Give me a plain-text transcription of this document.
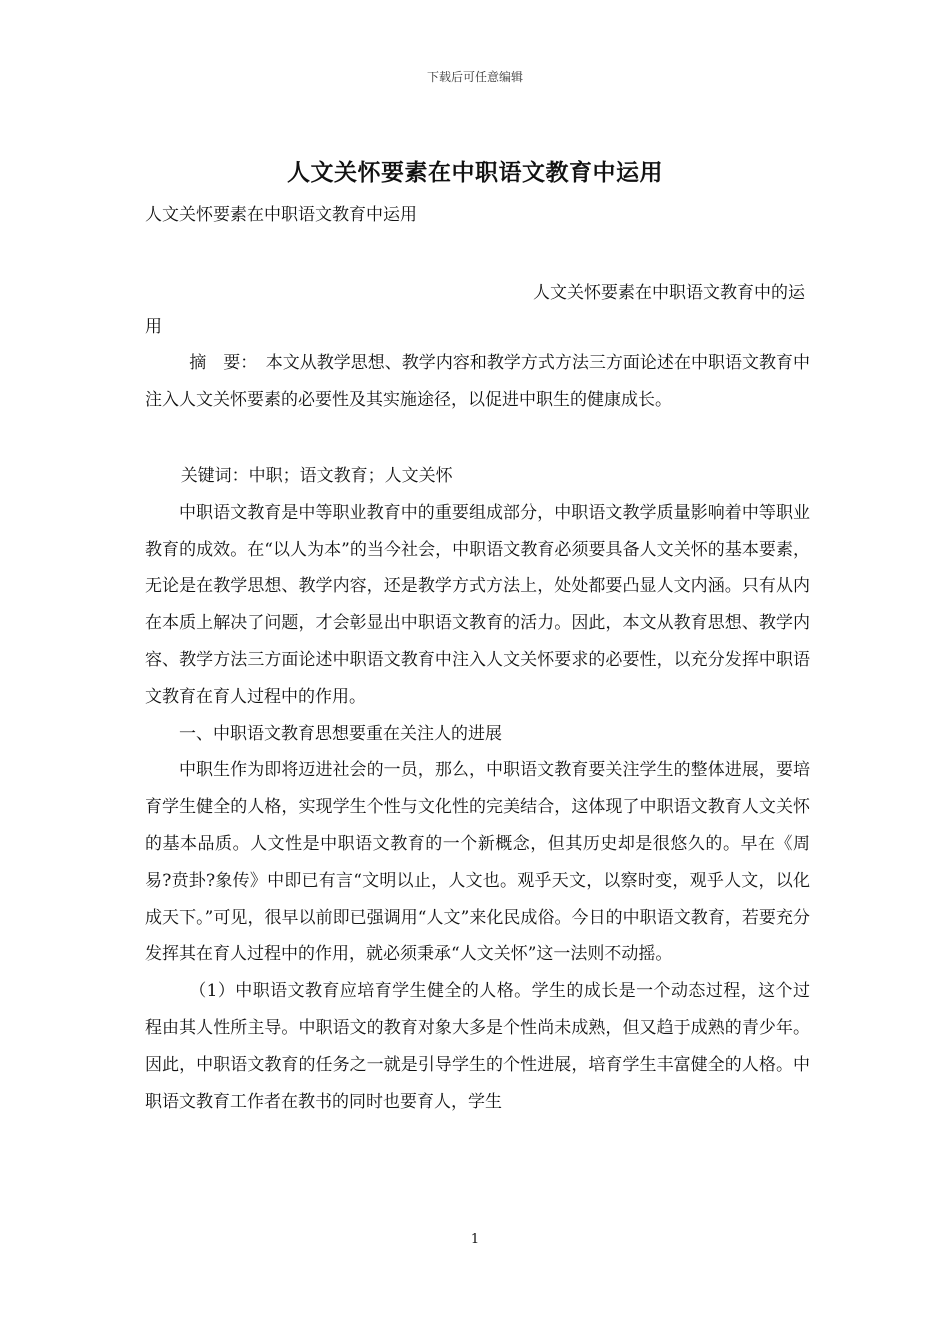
下载后可任意编辑
人文关怀要素在中职语文教育中运用
人文关怀要素在中职语文教育中运用
人文关怀要素在中职语文教育中的运
用

摘　要：　本文从教学思想、教学内容和教学方式方法三方面论述在中职语文教育中注入人文关怀要素的必要性及其实施途径，以促进中职生的健康成长。

关键词：中职；语文教育；人文关怀

中职语文教育是中等职业教育中的重要组成部分，中职语文教学质量影响着中等职业教育的成效。在“以人为本”的当今社会，中职语文教育必须要具备人文关怀的基本要素，无论是在教学思想、教学内容，还是教学方式方法上，处处都要凸显人文内涵。只有从内在本质上解决了问题，才会彰显出中职语文教育的活力。因此，本文从教育思想、教学内容、教学方法三方面论述中职语文教育中注入人文关怀要求的必要性，以充分发挥中职语文教育在育人过程中的作用。

一、中职语文教育思想要重在关注人的进展

中职生作为即将迈进社会的一员，那么，中职语文教育要关注学生的整体进展，要培育学生健全的人格，实现学生个性与文化性的完美结合，这体现了中职语文教育人文关怀的基本品质。人文性是中职语文教育的一个新概念，但其历史却是很悠久的。早在《周易?贲卦?象传》中即已有言“文明以止，人文也。观乎天文，以察时变，观乎人文，以化成天下。”可见，很早以前即已强调用“人文”来化民成俗。今日的中职语文教育，若要充分发挥其在育人过程中的作用，就必须秉承“人文关怀”这一法则不动摇。

（1）中职语文教育应培育学生健全的人格。学生的成长是一个动态过程，这个过程由其人性所主导。中职语文的教育对象大多是个性尚未成熟，但又趋于成熟的青少年。因此，中职语文教育的任务之一就是引导学生的个性进展，培育学生丰富健全的人格。中职语文教育工作者在教书的同时也要育人，学生

1
